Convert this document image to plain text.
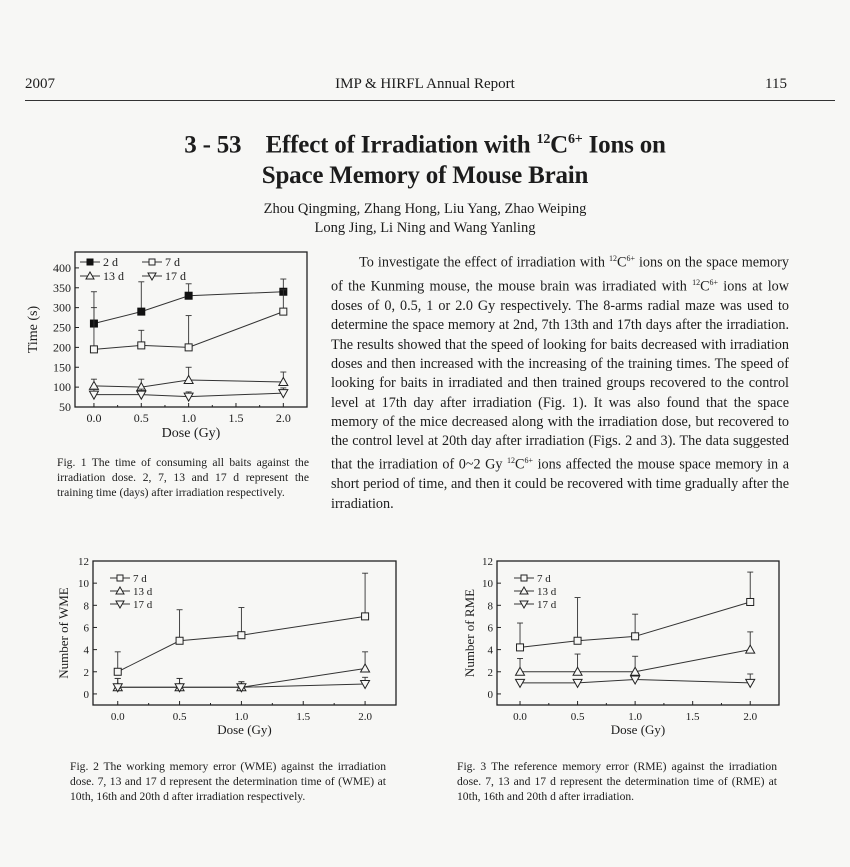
2007	IMP & HIRFL Annual Report	115
3 - 53 Effect of Irradiation with $^{12}C^{6+}$ Ions on
Space Memory of Mouse Brain
Zhou Qingming, Zhang Hong, Liu Yang, Zhao Weiping
Long Jing, Li Ning and Wang Yanling
To investigate the effect of irradiation with $^{12}C^{6+}$ ions on the space memory of the Kunming mouse, the mouse brain was irradiated with $^{12}C^{6+}$ ions at low doses of 0, 0.5, 1 or 2.0 Gy respectively. The 8-arms radial maze was used to determine the space memory at 2nd, 7th 13th and 17th days after the irradiation. The results showed that the speed of looking for baits decreased with irradiation doses and then increased with the increasing of the training times. The speed of looking for baits in irradiated and then trained groups recovered to the control level at 17th day after irradiation (Fig. 1). It was also found that the space memory of the mice decreased along with the irradiation dose, but recovered to the control level at 20th day after irradiation (Figs. 2 and 3). The data suggested that the irradiation of 0~2 Gy $^{12}C^{6+}$ ions affected the mouse space memory in a short period of time, and then it could be recovered with time gradually after the irradiation.
0.0	0.5	1.0	1.5	2.0
50
100
150
200
250
300
350
400
Dose (Gy)
Time (s)
2 d	7 d
13 d	17 d
0.0	0.5	1.0	1.5	2.0
0
2
4
6
8
10
12
Dose (Gy)
Number of WME
7 d
13 d
17 d
0.0	0.5	1.0	1.5	2.0
0
2
4
6
8
10
12
Dose (Gy)
Number of RME
7 d
13 d
17 d
Fig. 1 The time of consuming all baits against the irradiation dose. 2, 7, 13 and 17 d represent the training time (days) after irradiation respectively.
Fig. 2 The working memory error (WME) against the irradiation dose. 7, 13 and 17 d represent the determination time of (WME) at 10th, 16th and 20th d after irradiation respectively.
Fig. 3 The reference memory error (RME) against the irradiation dose. 7, 13 and 17 d represent the determination time of (RME) at 10th, 16th and 20th d after irradiation.
